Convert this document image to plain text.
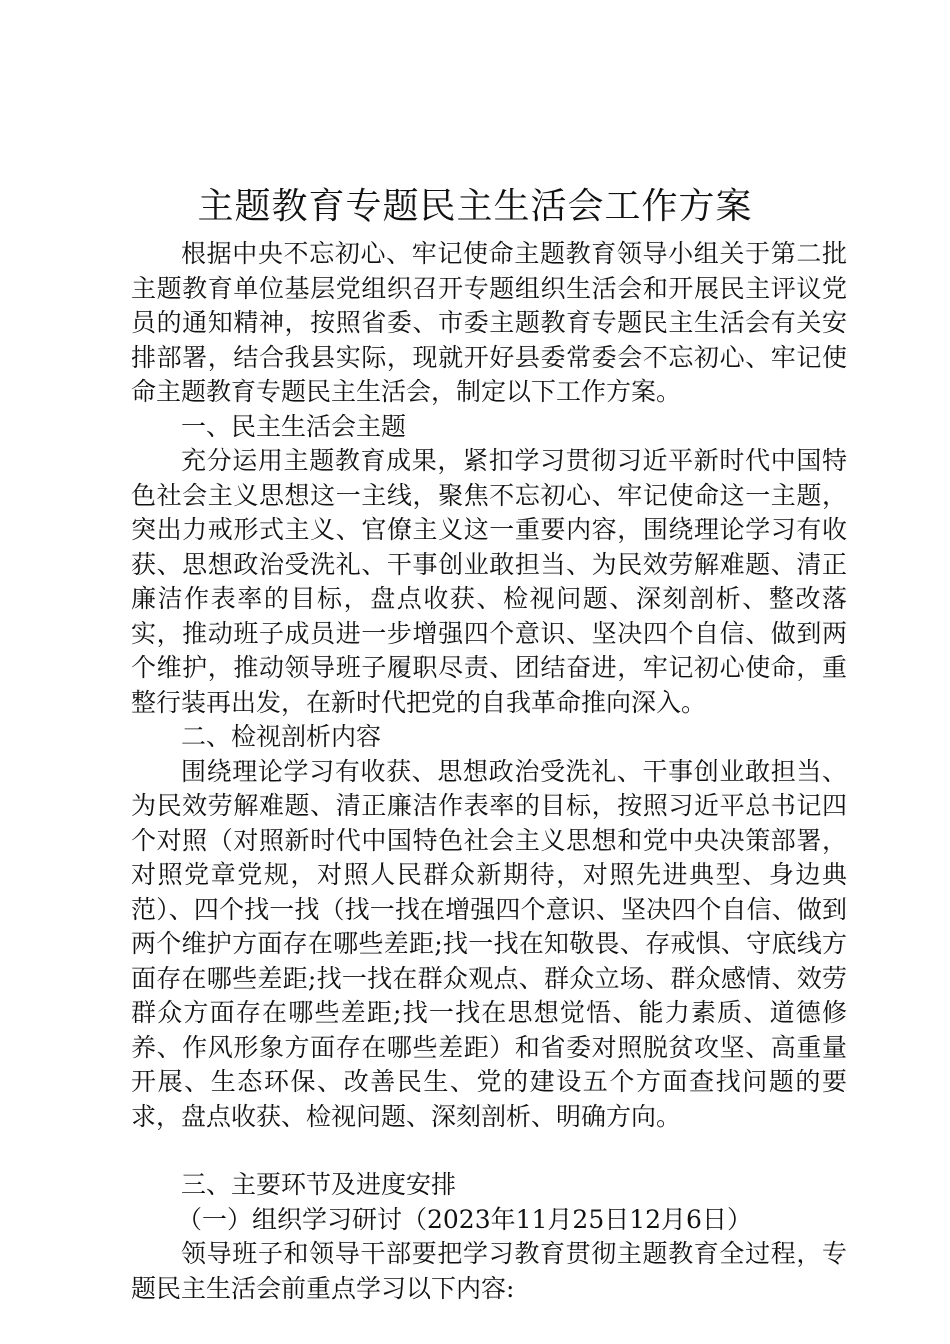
主题教育专题民主生活会工作方案

根据中央不忘初心、牢记使命主题教育领导小组关于第二批主题教育单位基层党组织召开专题组织生活会和开展民主评议党员的通知精神，按照省委、市委主题教育专题民主生活会有关安排部署，结合我县实际，现就开好县委常委会不忘初心、牢记使命主题教育专题民主生活会，制定以下工作方案。

一、民主生活会主题

充分运用主题教育成果，紧扣学习贯彻习近平新时代中国特色社会主义思想这一主线，聚焦不忘初心、牢记使命这一主题，突出力戒形式主义、官僚主义这一重要内容，围绕理论学习有收获、思想政治受洗礼、干事创业敢担当、为民效劳解难题、清正廉洁作表率的目标，盘点收获、检视问题、深刻剖析、整改落实，推动班子成员进一步增强四个意识、坚决四个自信、做到两个维护，推动领导班子履职尽责、团结奋进，牢记初心使命，重整行装再出发，在新时代把党的自我革命推向深入。

二、检视剖析内容

围绕理论学习有收获、思想政治受洗礼、干事创业敢担当、为民效劳解难题、清正廉洁作表率的目标，按照习近平总书记四个对照（对照新时代中国特色社会主义思想和党中央决策部署，对照党章党规，对照人民群众新期待，对照先进典型、身边典范）、四个找一找（找一找在增强四个意识、坚决四个自信、做到两个维护方面存在哪些差距;找一找在知敬畏、存戒惧、守底线方面存在哪些差距;找一找在群众观点、群众立场、群众感情、效劳群众方面存在哪些差距;找一找在思想觉悟、能力素质、道德修养、作风形象方面存在哪些差距）和省委对照脱贫攻坚、高重量开展、生态环保、改善民生、党的建设五个方面查找问题的要求，盘点收获、检视问题、深刻剖析、明确方向。

三、主要环节及进度安排

（一）组织学习研讨（2023年11月25日12月6日）

领导班子和领导干部要把学习教育贯彻主题教育全过程，专题民主生活会前重点学习以下内容:
